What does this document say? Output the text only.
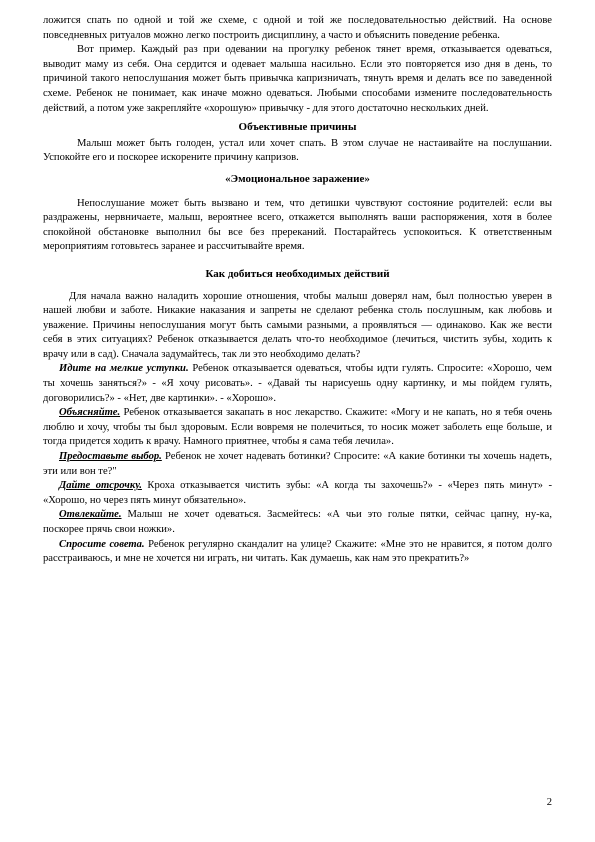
ложится спать по одной и той же схеме, с одной и той же последовательностью действий. На основе повседневных ритуалов можно легко построить дисциплину, а часто и объяснить поведение ребенка.

Вот пример. Каждый раз при одевании на прогулку ребенок тянет время, отказывается одеваться, выводит маму из себя. Она сердится и одевает малыша насильно. Если это повторяется изо дня в день, то причиной такого непослушания может быть привычка капризничать, тянуть время и делать все по заведенной схеме. Ребенок не понимает, как иначе можно одеваться. Любыми способами измените последовательность действий, а потом уже закрепляйте «хорошую» привычку - для этого достаточно нескольких дней.

Объективные причины

Малыш может быть голоден, устал или хочет спать. В этом случае не настаивайте на послушании. Успокойте его и поскорее искорените причину капризов.

«Эмоциональное заражение»

Непослушание может быть вызвано и тем, что детишки чувствуют состояние родителей: если вы раздражены, нервничаете, малыш, вероятнее всего, откажется выполнять ваши распоряжения, хотя в более спокойной обстановке выполнил бы все без пререканий. Постарайтесь успокоиться. К ответственным мероприятиям готовьтесь заранее и рассчитывайте время.

Как добиться необходимых действий

Для начала важно наладить хорошие отношения, чтобы малыш доверял нам, был полностью уверен в нашей любви и заботе. Никакие наказания и запреты не сделают ребенка столь послушным, как любовь и уважение. Причины непослушания могут быть самыми разными, а проявляться — одинаково. Как же вести себя в этих ситуациях? Ребенок отказывается делать что-то необходимое (лечиться, чистить зубы, ходить к врачу или в сад). Сначала задумайтесь, так ли это необходимо делать?

Идите на мелкие уступки. Ребенок отказывается одеваться, чтобы идти гулять. Спросите: «Хорошо, чем ты хочешь заняться?» - «Я хочу рисовать». - «Давай ты нарисуешь одну картинку, и мы пойдем гулять, договорились?» - «Нет, две картинки». - «Хорошо».

Объясняйте. Ребенок отказывается закапать в нос лекарство. Скажите: «Могу и не капать, но я тебя очень люблю и хочу, чтобы ты был здоровым. Если вовремя не полечиться, то носик может заболеть еще больше, и тогда придется ходить к врачу. Намного приятнее, чтобы я сама тебя лечила».

Предоставьте выбор. Ребенок не хочет надевать ботинки? Спросите: «А какие ботинки ты хочешь надеть, эти или вон те?"

Дайте отсрочку. Кроха отказывается чистить зубы: «А когда ты захочешь?» - «Через пять минут» - «Хорошо, но через пять минут обязательно».

Отвлекайте. Малыш не хочет одеваться. Засмейтесь: «А чьи это голые пятки, сейчас цапну, ну-ка, поскорее прячь свои ножки».

Спросите совета. Ребенок регулярно скандалит на улице? Скажите: «Мне это не нравится, я потом долго расстраиваюсь, и мне не хочется ни играть, ни читать. Как думаешь, как нам это прекратить?»

2
